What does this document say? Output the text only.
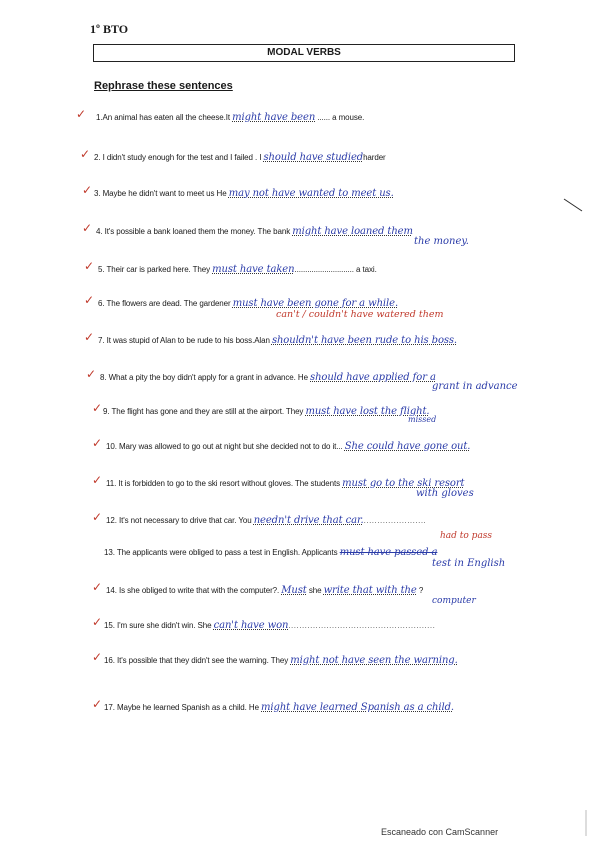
1º BTO
MODAL VERBS
Rephrase these sentences
✓ 1.An animal has eaten all the cheese.It might have been ...... a mouse.
✓ 2. I didn't study enough for the test and I failed . I should have studiedharder
✓ 3. Maybe he didn't want to meet us He may not have wanted to meet us.
✓ 4. It's possible a bank loaned them the money. The bank might have loaned them
the money.
✓ 5. Their car is parked here. They must have taken............................ a taxi.
✓ 6. The flowers are dead. The gardener must have been gone for a while.
can't / couldn't have watered them
✓ 7. It was stupid of Alan to be rude to his boss.Alan shouldn't have been rude to his boss.
✓ 8. What a pity the boy didn't apply for a grant in advance. He should have applied for a
grant in advance
✓ 9. The flight has gone and they are still at the airport. They must have lost the flight.
missed
✓ 10. Mary was allowed to go out at night but she decided not to do it... She could have gone out.
✓ 11. It is forbidden to go to the ski resort without gloves. The students must go to the ski resort
with gloves
✓ 12. It's not necessary to drive that car. You needn't drive that car........................
had to pass
13. The applicants were obliged to pass a test in English. Applicants must have passed a
test in English
✓ 14. Is she obliged to write that with the computer?. Must she write that with the ?
computer
✓ 15. I'm sure she didn't win. She can't have won......................................................
✓ 16. It's possible that they didn't see the warning. They might not have seen the warning.
✓ 17. Maybe he learned Spanish as a child. He might have learned Spanish as a child.
Escaneado con CamScanner
